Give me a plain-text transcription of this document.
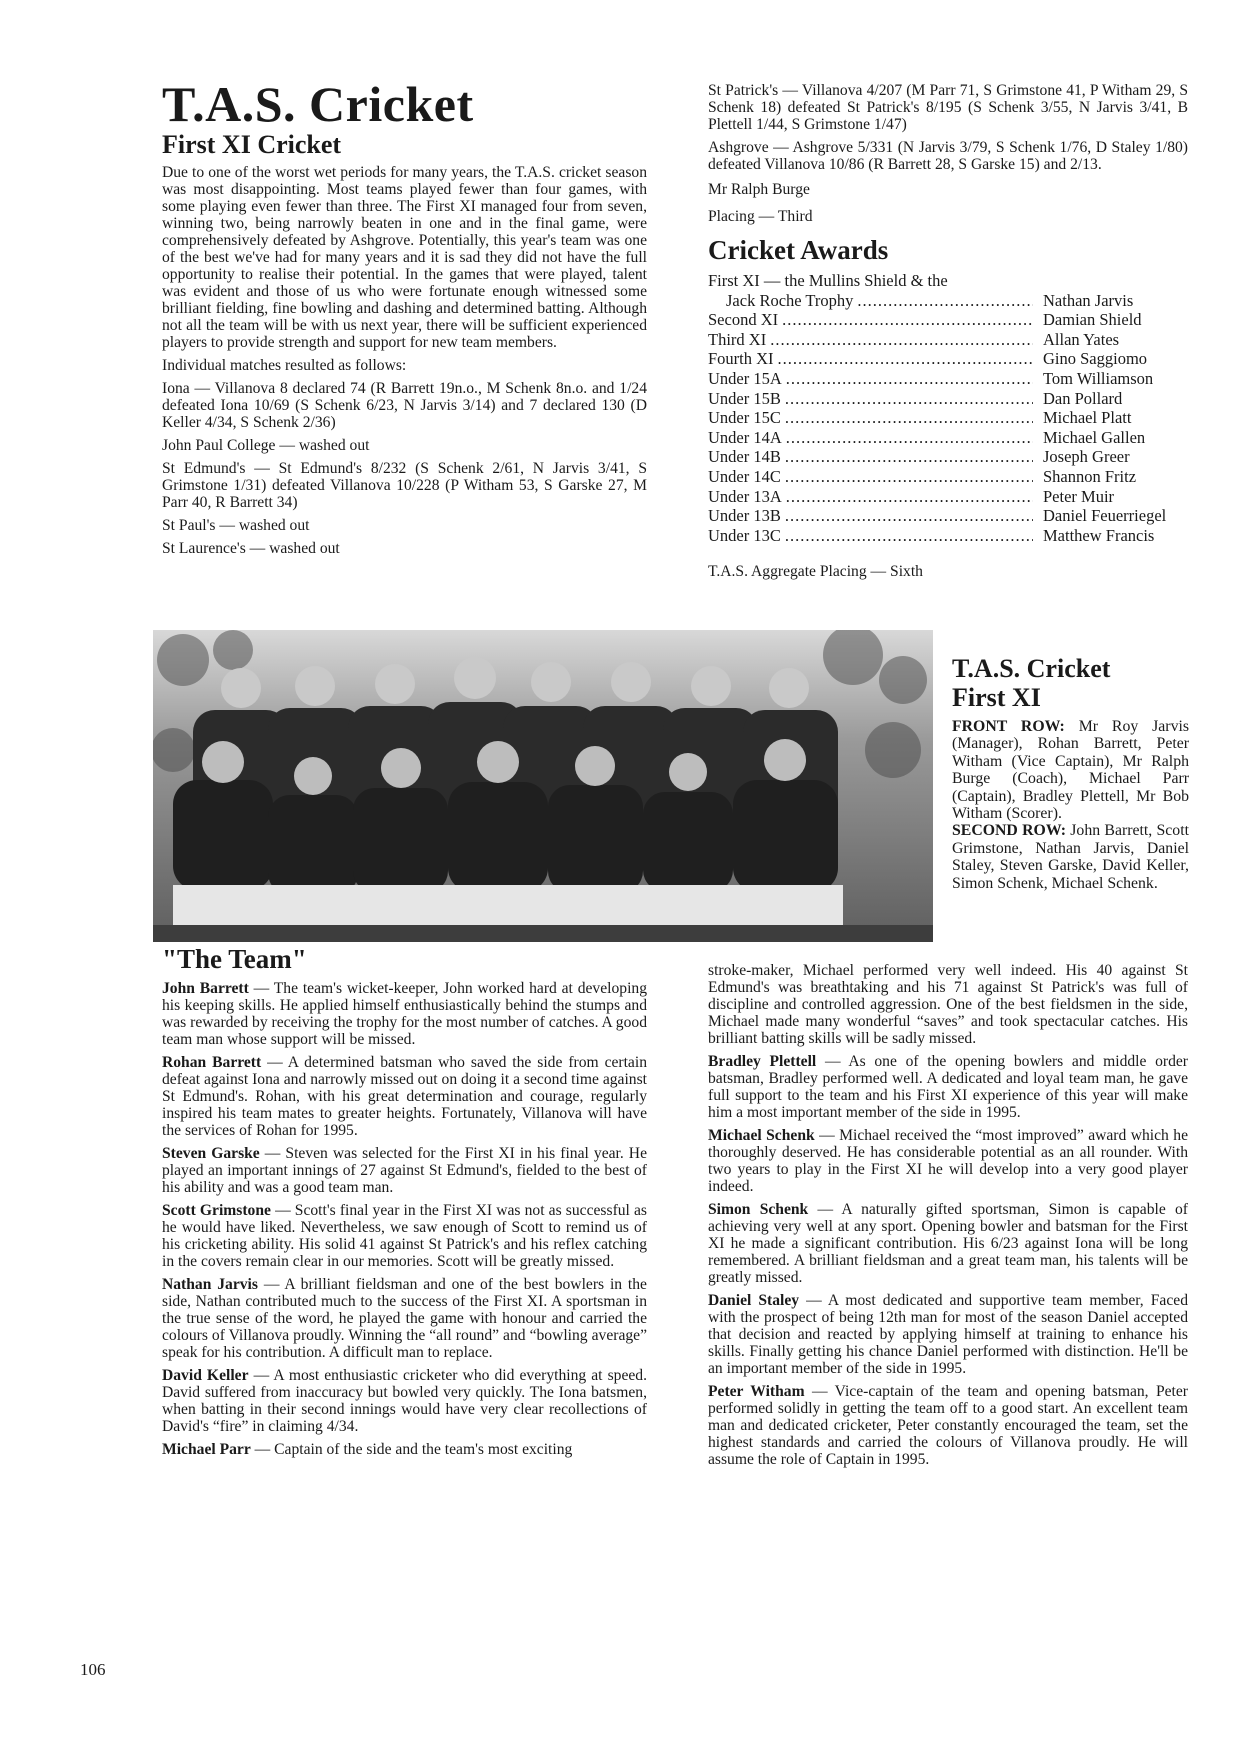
T.A.S. Cricket
First XI Cricket

Due to one of the worst wet periods for many years, the T.A.S. cricket season was most disappointing. Most teams played fewer than four games, with some playing even fewer than three. The First XI managed four from seven, winning two, being narrowly beaten in one and in the final game, were comprehensively defeated by Ashgrove. Potentially, this year's team was one of the best we've had for many years and it is sad they did not have the full opportunity to realise their potential. In the games that were played, talent was evident and those of us who were fortunate enough witnessed some brilliant fielding, fine bowling and dashing and determined batting. Although not all the team will be with us next year, there will be sufficient experienced players to provide strength and support for new team members.

Individual matches resulted as follows:

Iona — Villanova 8 declared 74 (R Barrett 19n.o., M Schenk 8n.o. and 1/24 defeated Iona 10/69 (S Schenk 6/23, N Jarvis 3/14) and 7 declared 130 (D Keller 4/34, S Schenk 2/36)

John Paul College — washed out

St Edmund's — St Edmund's 8/232 (S Schenk 2/61, N Jarvis 3/41, S Grimstone 1/31) defeated Villanova 10/228 (P Witham 53, S Garske 27, M Parr 40, R Barrett 34)

St Paul's — washed out

St Laurence's — washed out

St Patrick's — Villanova 4/207 (M Parr 71, S Grimstone 41, P Witham 29, S Schenk 18) defeated St Patrick's 8/195 (S Schenk 3/55, N Jarvis 3/41, B Plettell 1/44, S Grimstone 1/47)

Ashgrove — Ashgrove 5/331 (N Jarvis 3/79, S Schenk 1/76, D Staley 1/80) defeated Villanova 10/86 (R Barrett 28, S Garske 15) and 2/13.

Mr Ralph Burge

Placing — Third

Cricket Awards
First XI — the Mullins Shield & the
Jack Roche Trophy .....	Nathan Jarvis
Second XI .....	Damian Shield
Third XI .....	Allan Yates
Fourth XI .....	Gino Saggiomo
Under 15A .....	Tom Williamson
Under 15B .....	Dan Pollard
Under 15C .....	Michael Platt
Under 14A .....	Michael Gallen
Under 14B .....	Joseph Greer
Under 14C .....	Shannon Fritz
Under 13A .....	Peter Muir
Under 13B .....	Daniel Feuerriegel
Under 13C .....	Matthew Francis

T.A.S. Aggregate Placing — Sixth

T.A.S. Cricket
First XI
FRONT ROW: Mr Roy Jarvis (Manager), Rohan Barrett, Peter Witham (Vice Captain), Mr Ralph Burge (Coach), Michael Parr (Captain), Bradley Plettell, Mr Bob Witham (Scorer).
SECOND ROW: John Barrett, Scott Grimstone, Nathan Jarvis, Daniel Staley, Steven Garske, David Keller, Simon Schenk, Michael Schenk.
"The Team"

John Barrett — The team's wicket-keeper, John worked hard at developing his keeping skills. He applied himself enthusiastically behind the stumps and was rewarded by receiving the trophy for the most number of catches. A good team man whose support will be missed.

Rohan Barrett — A determined batsman who saved the side from certain defeat against Iona and narrowly missed out on doing it a second time against St Edmund's. Rohan, with his great determination and courage, regularly inspired his team mates to greater heights. Fortunately, Villanova will have the services of Rohan for 1995.

Steven Garske — Steven was selected for the First XI in his final year. He played an important innings of 27 against St Edmund's, fielded to the best of his ability and was a good team man.

Scott Grimstone — Scott's final year in the First XI was not as successful as he would have liked. Nevertheless, we saw enough of Scott to remind us of his cricketing ability. His solid 41 against St Patrick's and his reflex catching in the covers remain clear in our memories. Scott will be greatly missed.

Nathan Jarvis — A brilliant fieldsman and one of the best bowlers in the side, Nathan contributed much to the success of the First XI. A sportsman in the true sense of the word, he played the game with honour and carried the colours of Villanova proudly. Winning the “all round” and “bowling average” speak for his contribution. A difficult man to replace.

David Keller — A most enthusiastic cricketer who did everything at speed. David suffered from inaccuracy but bowled very quickly. The Iona batsmen, when batting in their second innings would have very clear recollections of David's “fire” in claiming 4/34.

Michael Parr — Captain of the side and the team's most exciting

stroke-maker, Michael performed very well indeed. His 40 against St Edmund's was breathtaking and his 71 against St Patrick's was full of discipline and controlled aggression. One of the best fieldsmen in the side, Michael made many wonderful “saves” and took spectacular catches. His brilliant batting skills will be sadly missed.

Bradley Plettell — As one of the opening bowlers and middle order batsman, Bradley performed well. A dedicated and loyal team man, he gave full support to the team and his First XI experience of this year will make him a most important member of the side in 1995.

Michael Schenk — Michael received the “most improved” award which he thoroughly deserved. He has considerable potential as an all rounder. With two years to play in the First XI he will develop into a very good player indeed.

Simon Schenk — A naturally gifted sportsman, Simon is capable of achieving very well at any sport. Opening bowler and batsman for the First XI he made a significant contribution. His 6/23 against Iona will be long remembered. A brilliant fieldsman and a great team man, his talents will be greatly missed.

Daniel Staley — A most dedicated and supportive team member, Faced with the prospect of being 12th man for most of the season Daniel accepted that decision and reacted by applying himself at training to enhance his skills. Finally getting his chance Daniel performed with distinction. He'll be an important member of the side in 1995.

Peter Witham — Vice-captain of the team and opening batsman, Peter performed solidly in getting the team off to a good start. An excellent team man and dedicated cricketer, Peter constantly encouraged the team, set the highest standards and carried the colours of Villanova proudly. He will assume the role of Captain in 1995.

106
